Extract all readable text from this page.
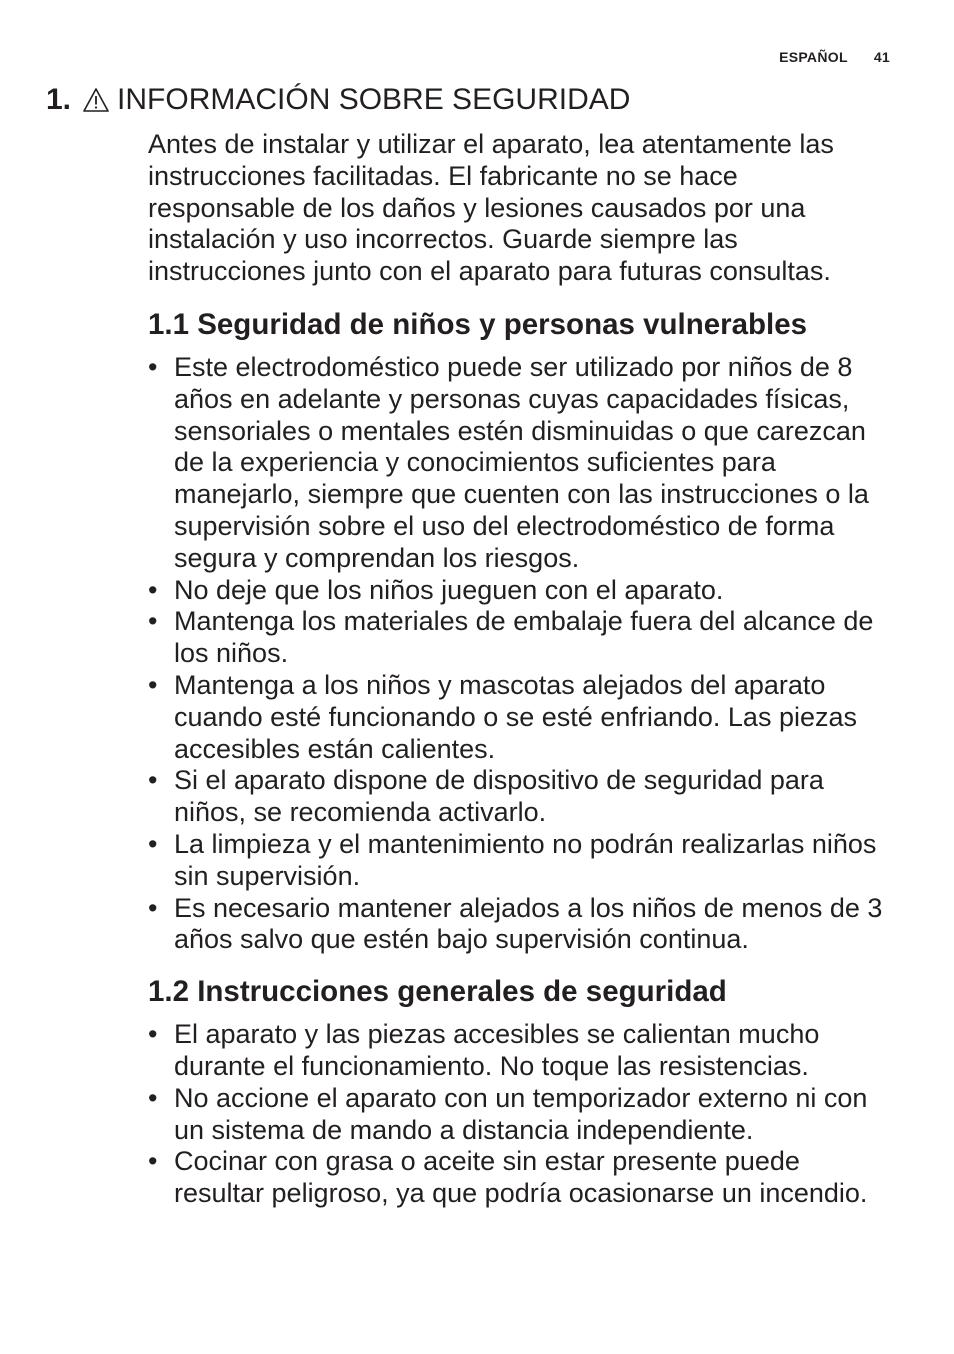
ESPAÑOL 41
1. INFORMACIÓN SOBRE SEGURIDAD

Antes de instalar y utilizar el aparato, lea atentamente las instrucciones facilitadas. El fabricante no se hace responsable de los daños y lesiones causados por una instalación y uso incorrectos. Guarde siempre las instrucciones junto con el aparato para futuras consultas.

1.1 Seguridad de niños y personas vulnerables
• Este electrodoméstico puede ser utilizado por niños de 8 años en adelante y personas cuyas capacidades físicas, sensoriales o mentales estén disminuidas o que carezcan de la experiencia y conocimientos suficientes para manejarlo, siempre que cuenten con las instrucciones o la supervisión sobre el uso del electrodoméstico de forma segura y comprendan los riesgos.
• No deje que los niños jueguen con el aparato.
• Mantenga los materiales de embalaje fuera del alcance de los niños.
• Mantenga a los niños y mascotas alejados del aparato cuando esté funcionando o se esté enfriando. Las piezas accesibles están calientes.
• Si el aparato dispone de dispositivo de seguridad para niños, se recomienda activarlo.
• La limpieza y el mantenimiento no podrán realizarlas niños sin supervisión.
• Es necesario mantener alejados a los niños de menos de 3 años salvo que estén bajo supervisión continua.
1.2 Instrucciones generales de seguridad
• El aparato y las piezas accesibles se calientan mucho durante el funcionamiento. No toque las resistencias.
• No accione el aparato con un temporizador externo ni con un sistema de mando a distancia independiente.
• Cocinar con grasa o aceite sin estar presente puede resultar peligroso, ya que podría ocasionarse un incendio.
